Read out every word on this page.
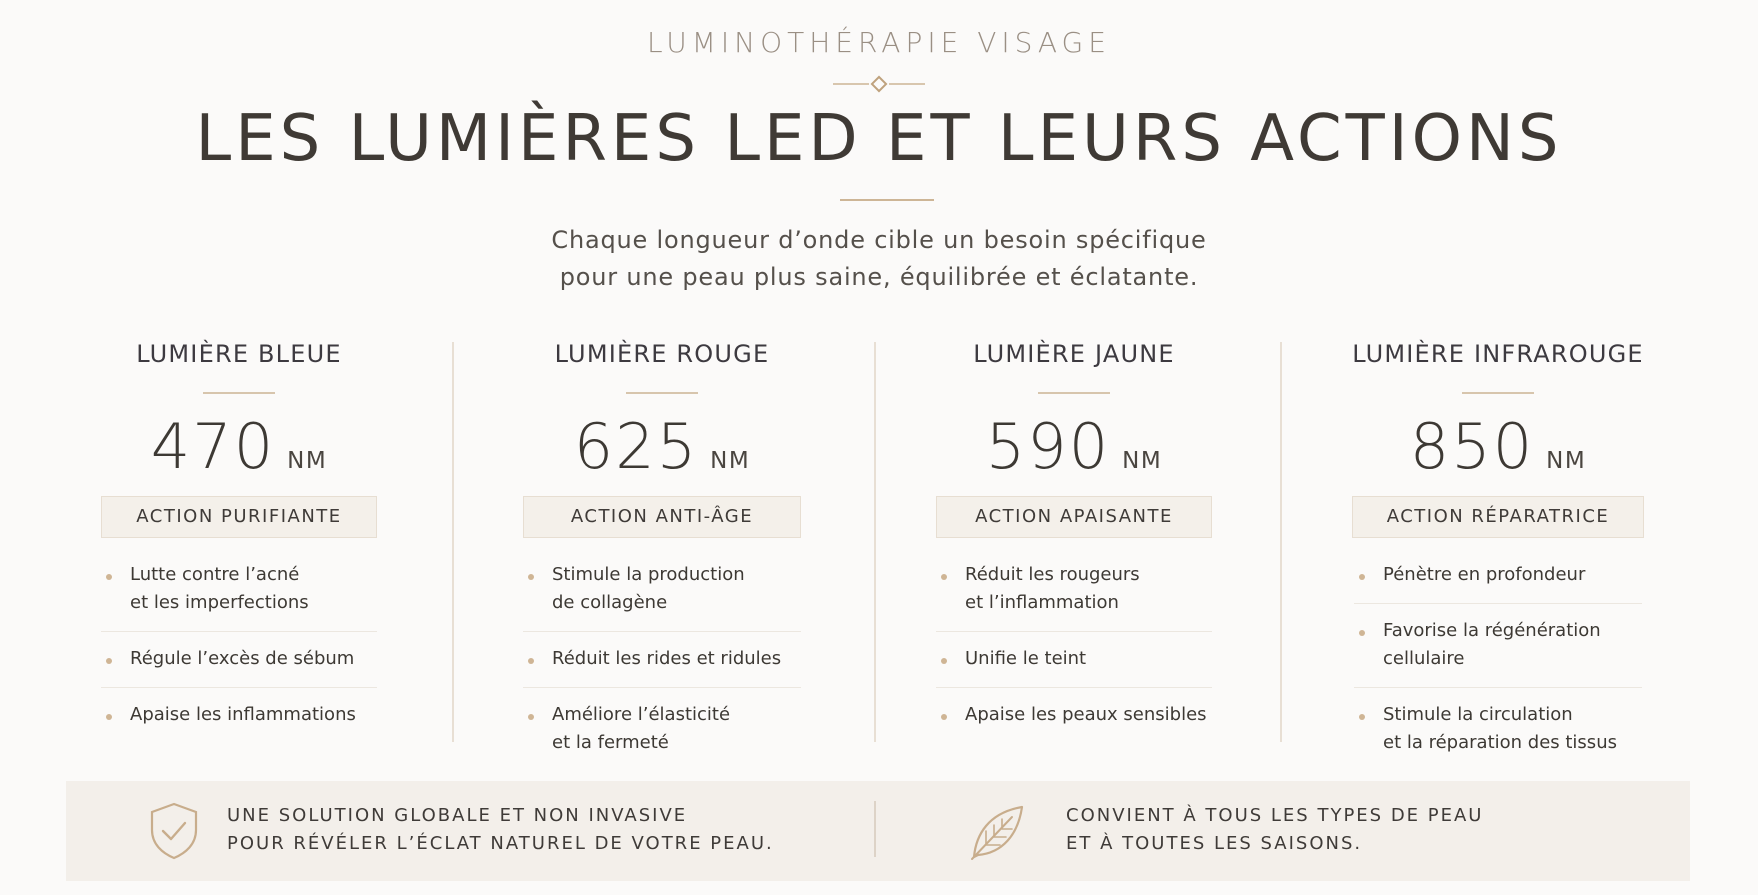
LUMINOTHÉRAPIE VISAGE
LES LUMIÈRES LED ET LEURS ACTIONS
Chaque longueur d’onde cible un besoin spécifique
pour une peau plus saine, équilibrée et éclatante.
LUMIÈRE BLEUE
470 NM
ACTION PURIFIANTE
Lutte contre l’acné
et les imperfections
Régule l’excès de sébum
Apaise les inflammations
LUMIÈRE ROUGE
625 NM
ACTION ANTI-ÂGE
Stimule la production
de collagène
Réduit les rides et ridules
Améliore l’élasticité
et la fermeté
LUMIÈRE JAUNE
590 NM
ACTION APAISANTE
Réduit les rougeurs
et l’inflammation
Unifie le teint
Apaise les peaux sensibles
LUMIÈRE INFRAROUGE
850 NM
ACTION RÉPARATRICE
Pénètre en profondeur
Favorise la régénération
cellulaire
Stimule la circulation
et la réparation des tissus
UNE SOLUTION GLOBALE ET NON INVASIVE
POUR RÉVÉLER L’ÉCLAT NATUREL DE VOTRE PEAU.
CONVIENT À TOUS LES TYPES DE PEAU
ET À TOUTES LES SAISONS.
